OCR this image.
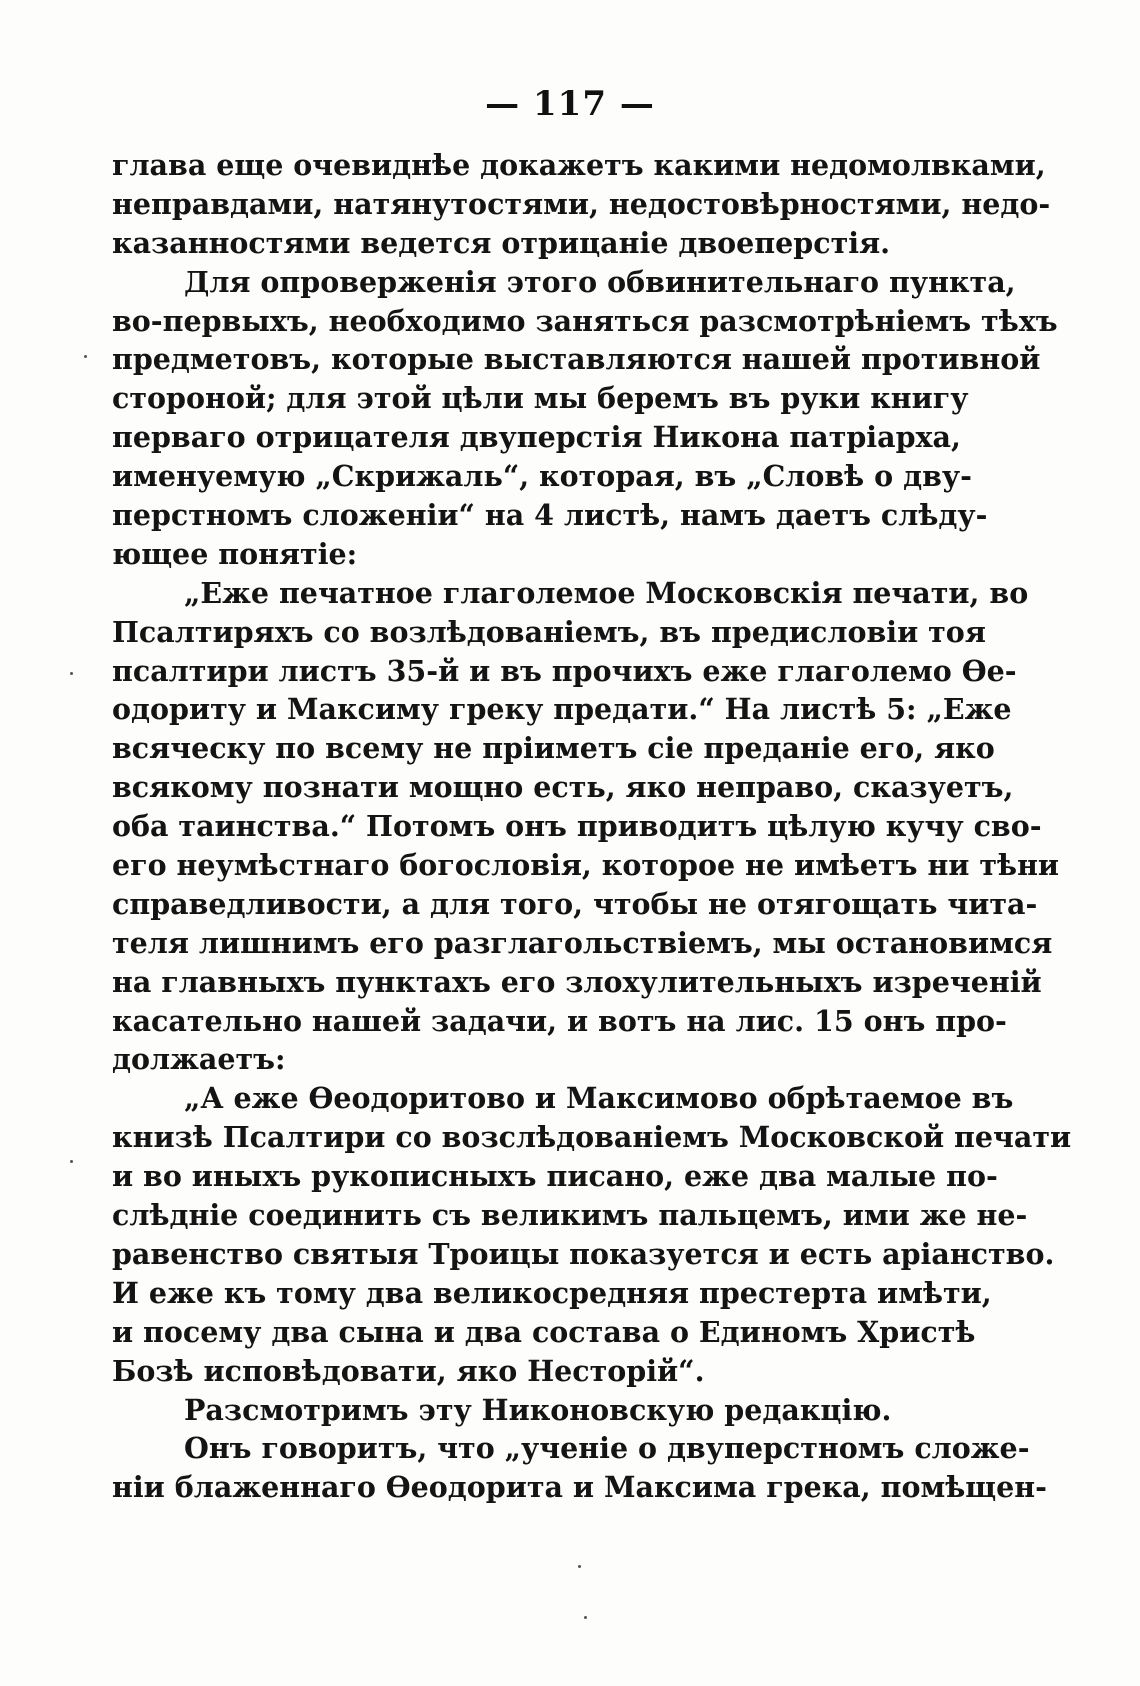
— 117 —
глава еще очевиднѣе докажетъ какими недомолвками,
неправдами, натянутостями, недостовѣрностями, недо-
казанностями ведется отрицаніе двоеперстія.
Для опроверженія этого обвинительнаго пункта,
во-первыхъ, необходимо заняться разсмотрѣніемъ тѣхъ
предметовъ, которые выставляются нашей противной
стороной; для этой цѣли мы беремъ въ руки книгу
перваго отрицателя двуперстія Никона патріарха,
именуемую „Скрижаль“, которая, въ „Словѣ о дву-
перстномъ сложеніи“ на 4 листѣ, намъ даетъ слѣду-
ющее понятіе:
„Еже печатное глаголемое Московскія печати, во
Псалтиряхъ со возлѣдованіемъ, въ предисловіи тоя
псалтири листъ 35-й и въ прочихъ еже глаголемо Ѳе-
одориту и Максиму греку предати.“ На листѣ 5: „Еже
всяческу по всему не пріиметъ сіе преданіе его, яко
всякому познати мощно есть, яко неправо, сказуетъ,
оба таинства.“ Потомъ онъ приводитъ цѣлую кучу сво-
его неумѣстнаго богословія, которое не имѣетъ ни тѣни
справедливости, а для того, чтобы не отягощать чита-
теля лишнимъ его разглагольствіемъ, мы остановимся
на главныхъ пунктахъ его злохулительныхъ изреченій
касательно нашей задачи, и вотъ на лис. 15 онъ про-
должаетъ:
„А еже Ѳеодоритово и Максимово обрѣтаемое въ
книзѣ Псалтири со возслѣдованіемъ Московской печати
и во иныхъ рукописныхъ писано, еже два малые по-
слѣдніе соединить съ великимъ пальцемъ, ими же не-
равенство святыя Троицы показуется и есть аріанство.
И еже къ тому два великосредняя престерта имѣти,
и посему два сына и два состава о Единомъ Христѣ
Бозѣ исповѣдовати, яко Несторій“.
Разсмотримъ эту Никоновскую редакцію.
Онъ говоритъ, что „ученіе о двуперстномъ сложе-
ніи блаженнаго Ѳеодорита и Максима грека, помѣщен-
